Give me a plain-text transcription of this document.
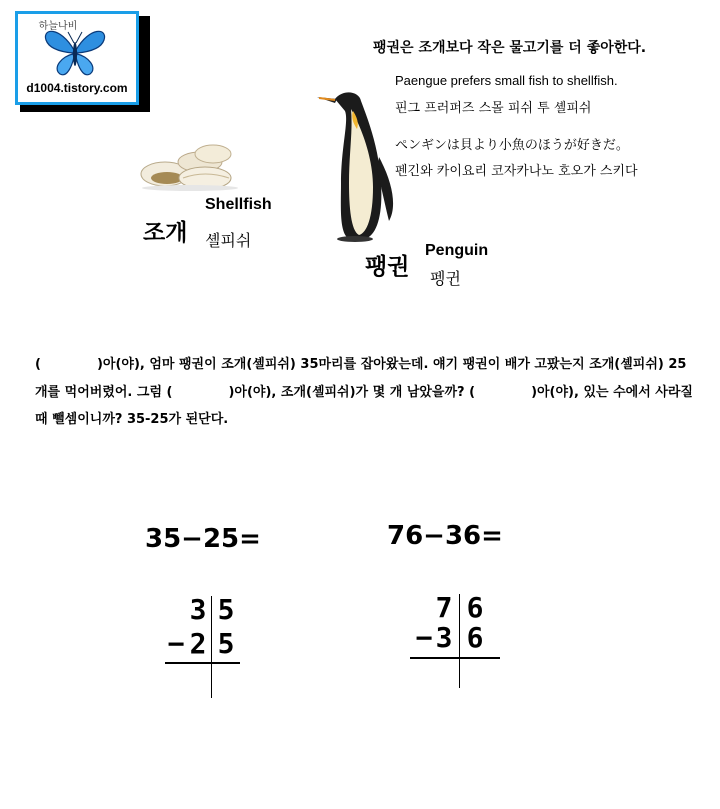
하늘나비
d1004.tistory.com
팽권은 조개보다 작은 물고기를 더 좋아한다.
Paengue prefers small fish to shellfish.
핀그 프러퍼즈 스몰 피쉬 투 셸피쉬
ペンギンは貝より小魚のほうが好きだ。
펜긴와 카이요리 코자카나노 호오가 스키다
조개
Shellfish
셸피쉬
팽권
Penguin
펭귄
(	)아(야), 엄마 팽권이 조개(셸피쉬) 35마리를 잡아왔는데. 얘기 팽권이 배가 고팠는지 조개(셸피쉬) 25개를 먹어버렸어. 그럼 (	)아(야), 조개(셸피쉬)가 몇 개 남았을까? (	)아(야), 있는 수에서 사라질 때 뺄셈이니까? 35-25가 된단다.
35−25=
3 5
− 2 5
76−36=
7 6
− 3 6
